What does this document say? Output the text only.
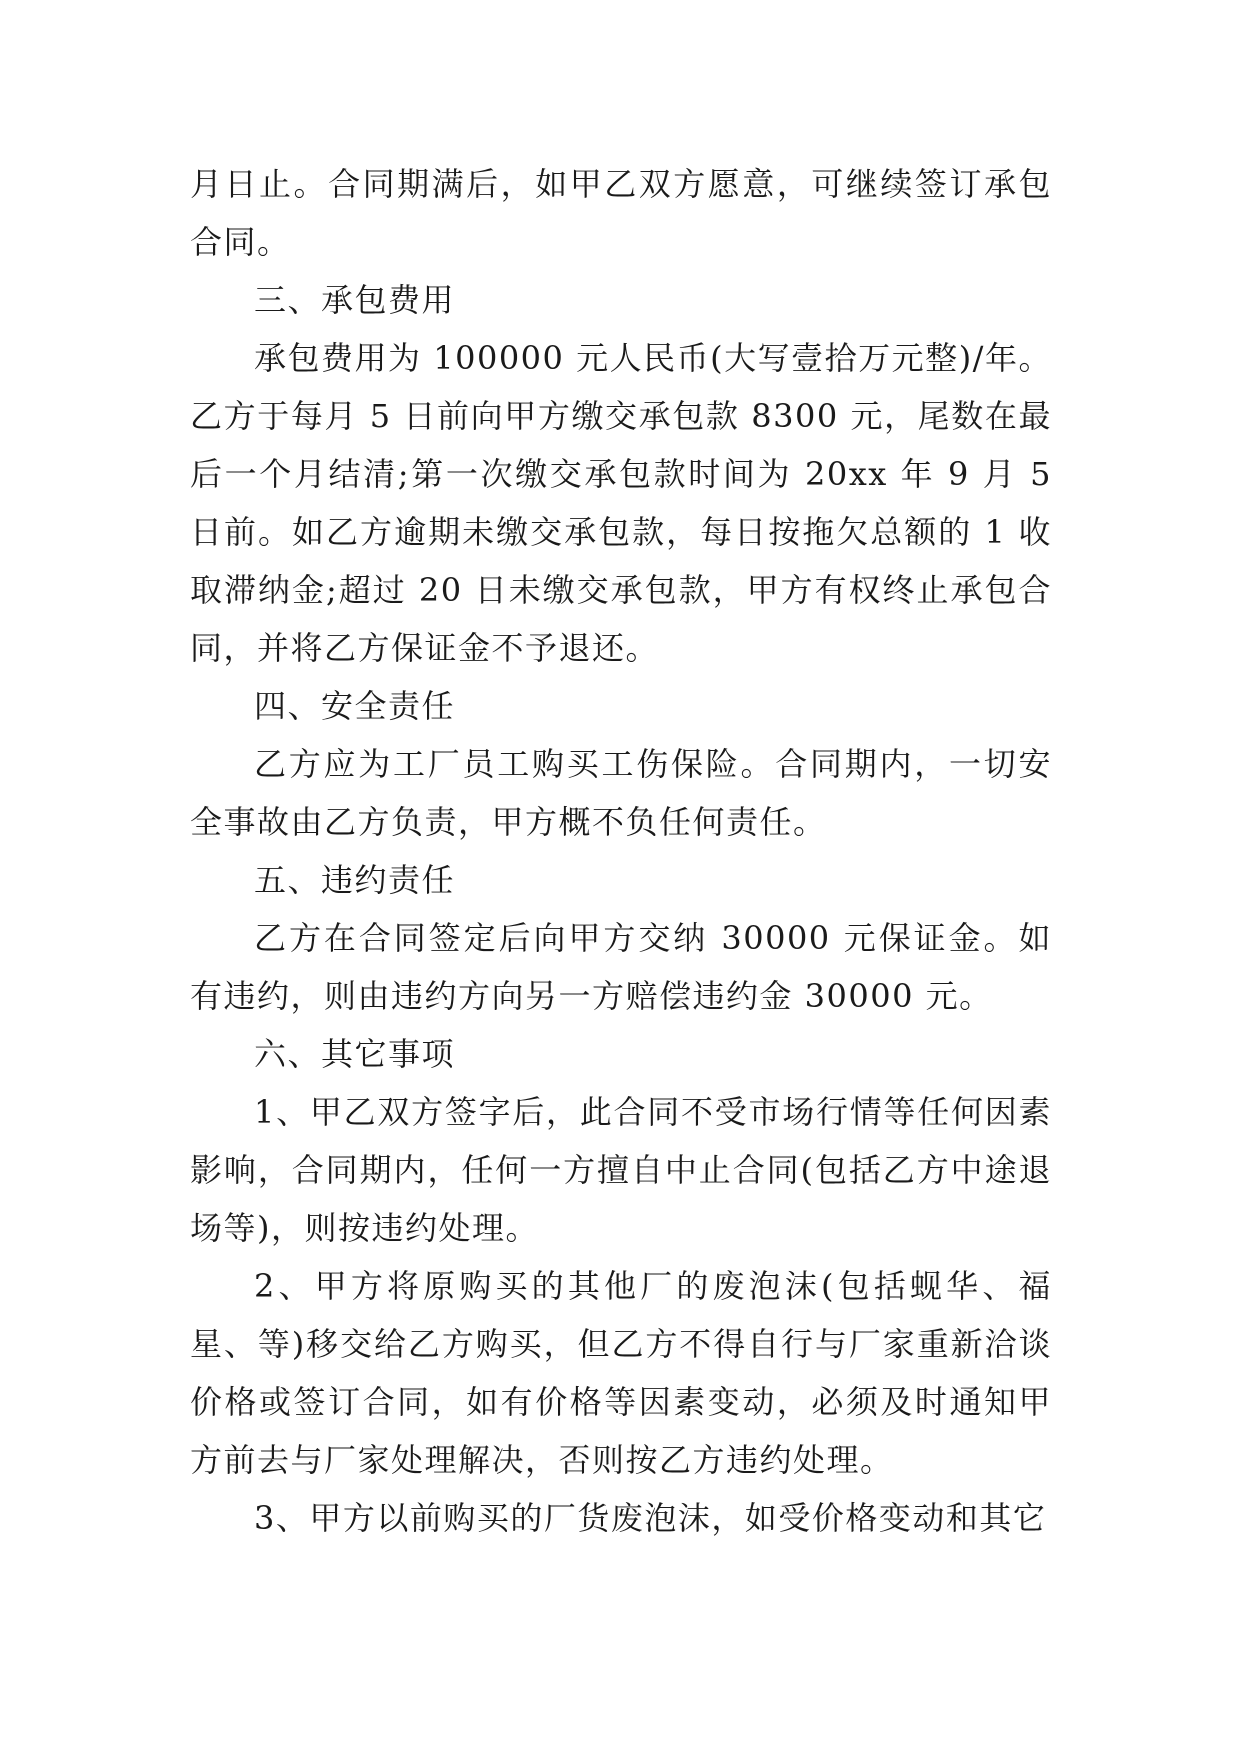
月日止。合同期满后，如甲乙双方愿意，可继续签订承包合同。

三、承包费用

承包费用为 100000 元人民币(大写壹拾万元整)/年。乙方于每月 5 日前向甲方缴交承包款 8300 元，尾数在最后一个月结清;第一次缴交承包款时间为 20xx 年 9 月 5 日前。如乙方逾期未缴交承包款，每日按拖欠总额的 1 收取滞纳金;超过 20 日未缴交承包款，甲方有权终止承包合同，并将乙方保证金不予退还。

四、安全责任

乙方应为工厂员工购买工伤保险。合同期内，一切安全事故由乙方负责，甲方概不负任何责任。

五、违约责任

乙方在合同签定后向甲方交纳 30000 元保证金。如有违约，则由违约方向另一方赔偿违约金 30000 元。

六、其它事项

1、甲乙双方签字后，此合同不受市场行情等任何因素影响，合同期内，任何一方擅自中止合同(包括乙方中途退场等)，则按违约处理。

2、甲方将原购买的其他厂的废泡沫(包括蚬华、福星、等)移交给乙方购买，但乙方不得自行与厂家重新洽谈价格或签订合同，如有价格等因素变动，必须及时通知甲方前去与厂家处理解决，否则按乙方违约处理。

3、甲方以前购买的厂货废泡沫，如受价格变动和其它
